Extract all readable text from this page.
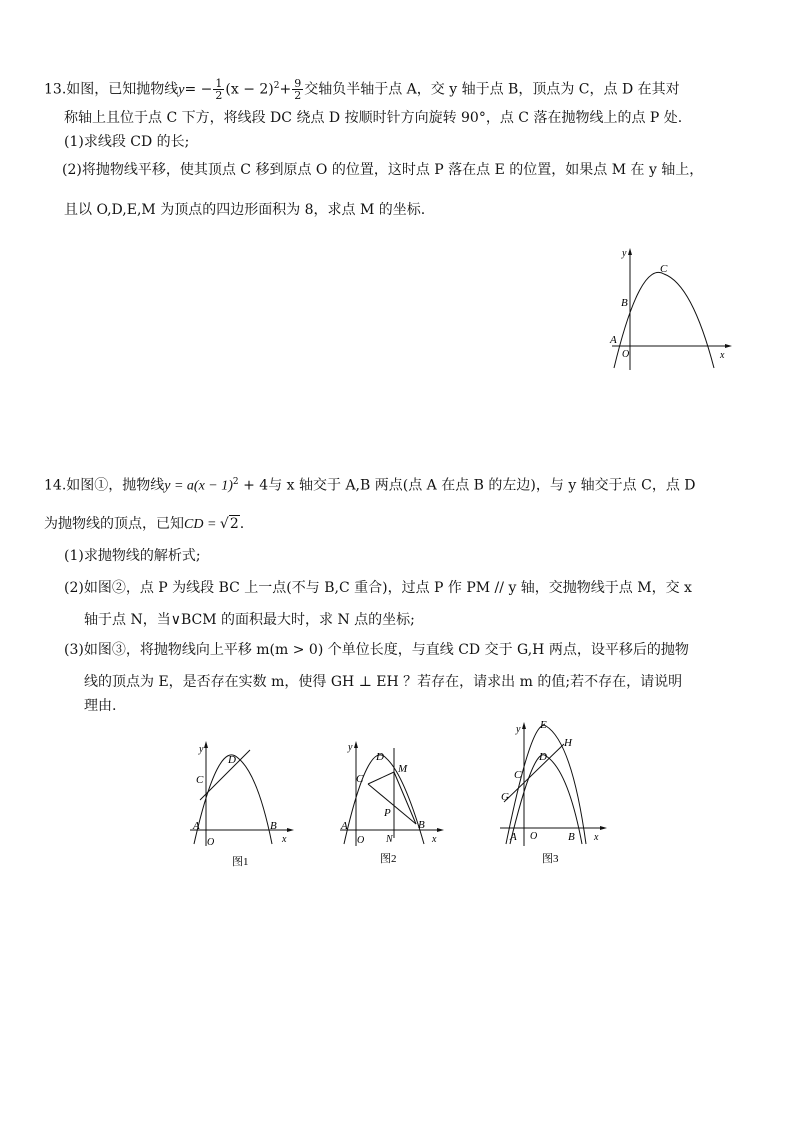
13.如图，已知抛物线$y= - \frac{1}{2} (x - 2)^2+ \frac{9}{2}$ 交轴负半轴于点 A，交 y 轴于点 B，顶点为 C，点 D 在其对
称轴上且位于点 C 下方，将线段 DC 绕点 D 按顺时针方向旋转 90°，点 C 落在抛物线上的点 P 处.
(1)求线段 CD 的长;
(2)将抛物线平移，使其顶点 C 移到原点 O 的位置，这时点 P 落在点 E 的位置，如果点 M 在 y 轴上，
且以 O,D,E,M 为顶点的四边形面积为 8，求点 M 的坐标.
y
x
C
B
A
O
14.如图①，抛物线$y = a(x - 1)^2 + 4$与 x 轴交于 A,B 两点(点 A 在点 B 的左边)，与 y 轴交于点 C，点 D
为抛物线的顶点，已知CD = √2.
(1)求抛物线的解析式;
(2)如图②，点 P 为线段 BC 上一点(不与 B,C 重合)，过点 P 作 PM // y 轴，交抛物线于点 M，交 x
轴于点 N，当∨BCM 的面积最大时，求 N 点的坐标;
(3)如图③，将抛物线向上平移 m(m > 0) 个单位长度，与直线 CD 交于 G,H 两点，设平移后的抛物
线的顶点为 E，是否存在实数 m，使得 GH ⊥ EH ？若存在，请求出 m 的值;若不存在，请说明
理由.
y
x
D
C
A	B
O
图1
y
x
D
M
C
P
A	B
O N
图2
y
x
E
H
D
C
G
A O	B
图3
